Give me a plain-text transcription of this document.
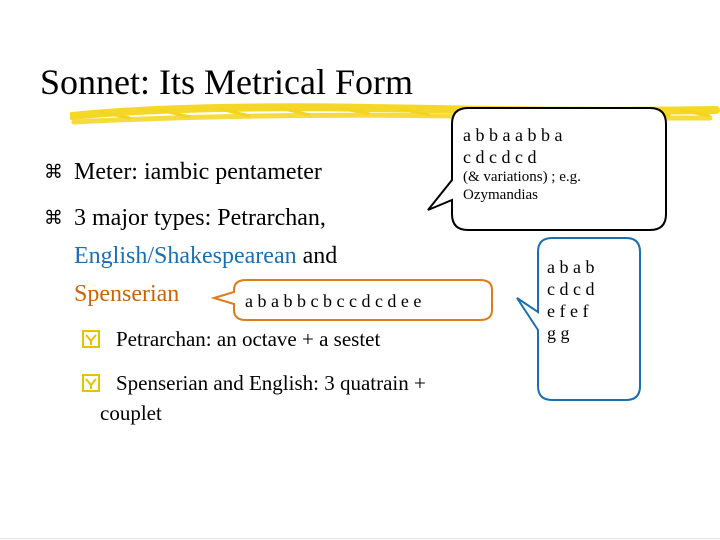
Sonnet: Its Metrical Form
⌘ Meter: iambic pentameter
⌘ 3 major types: Petrarchan,
English/Shakespearean and
Spenserian
Petrarchan: an octave + a sestet
Spenserian and English: 3 quatrain +
couplet
a b b a a b b a
c d c d c d
(& variations) ; e.g.
Ozymandias
a b a b
c d c d
e f e f
g g
a b a b b c b c c d c d e e
